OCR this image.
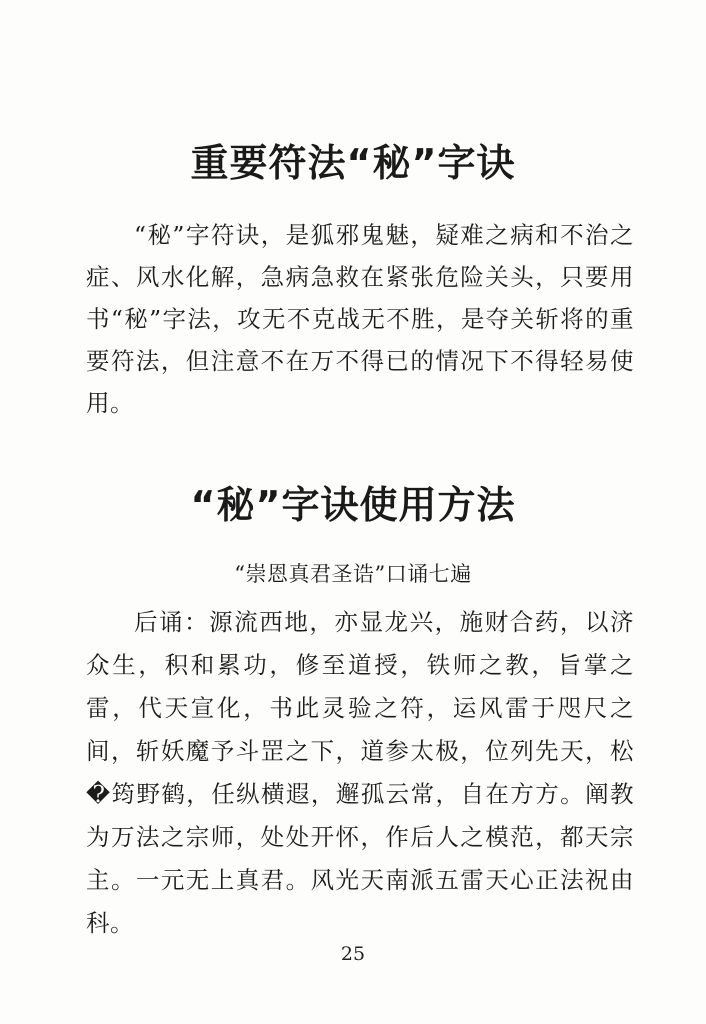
重要符法“秘”字诀
“秘”字符诀，是狐邪鬼魅，疑难之病和不治之症、风水化解，急病急救在紧张危险关头，只要用书“秘”字法，攻无不克战无不胜，是夺关斩将的重要符法，但注意不在万不得已的情况下不得轻易使用。
“秘”字诀使用方法
“崇恩真君圣诰”口诵七遍
后诵：源流西地，亦显龙兴，施财合药，以济众生，积和累功，修至道授，铁师之教，旨掌之雷，代天宣化，书此灵验之符，运风雷于咫尺之间，斩妖魔予斗罡之下，道参太极，位列先天，松�筠野鹤，任纵横遐，邂孤云常，自在方方。阐教为万法之宗师，处处开怀，作后人之模范，都天宗主。一元无上真君。风光天南派五雷天心正法祝由科。
25
